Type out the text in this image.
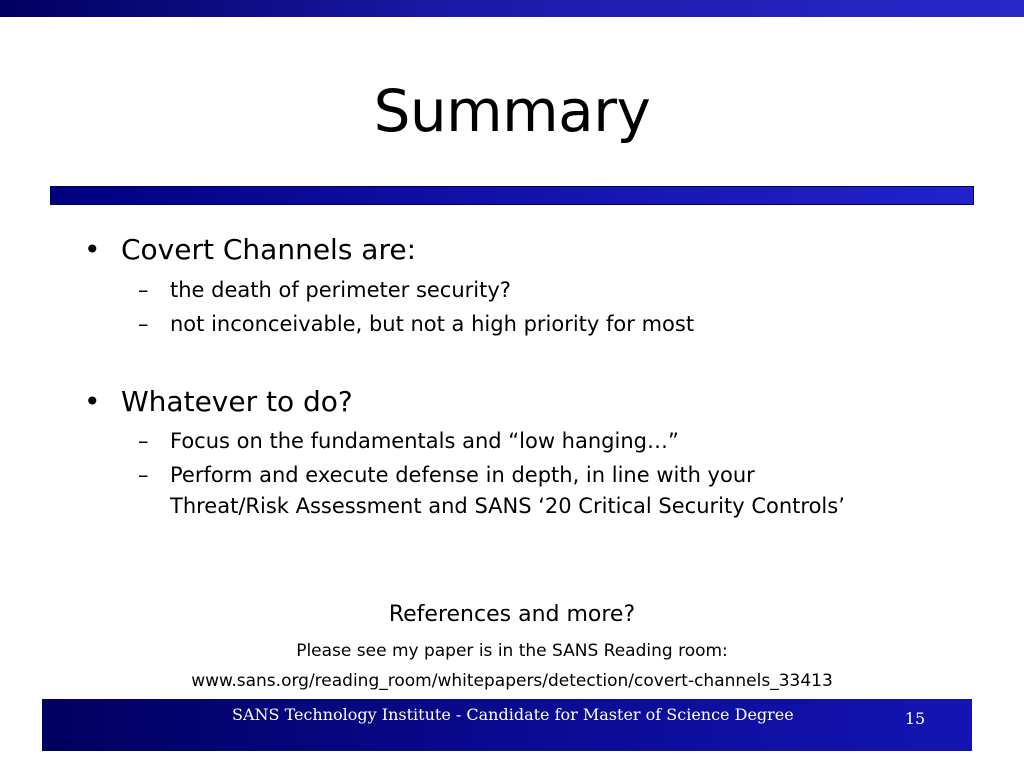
Summary
• Covert Channels are:
– the death of perimeter security?
– not inconceivable, but not a high priority for most
• Whatever to do?
– Focus on the fundamentals and “low hanging…”
– Perform and execute defense in depth, in line with your
Threat/Risk Assessment and SANS ‘20 Critical Security Controls’
References and more?
Please see my paper is in the SANS Reading room:
www.sans.org/reading_room/whitepapers/detection/covert-channels_33413
SANS Technology Institute - Candidate for Master of Science Degree	15
